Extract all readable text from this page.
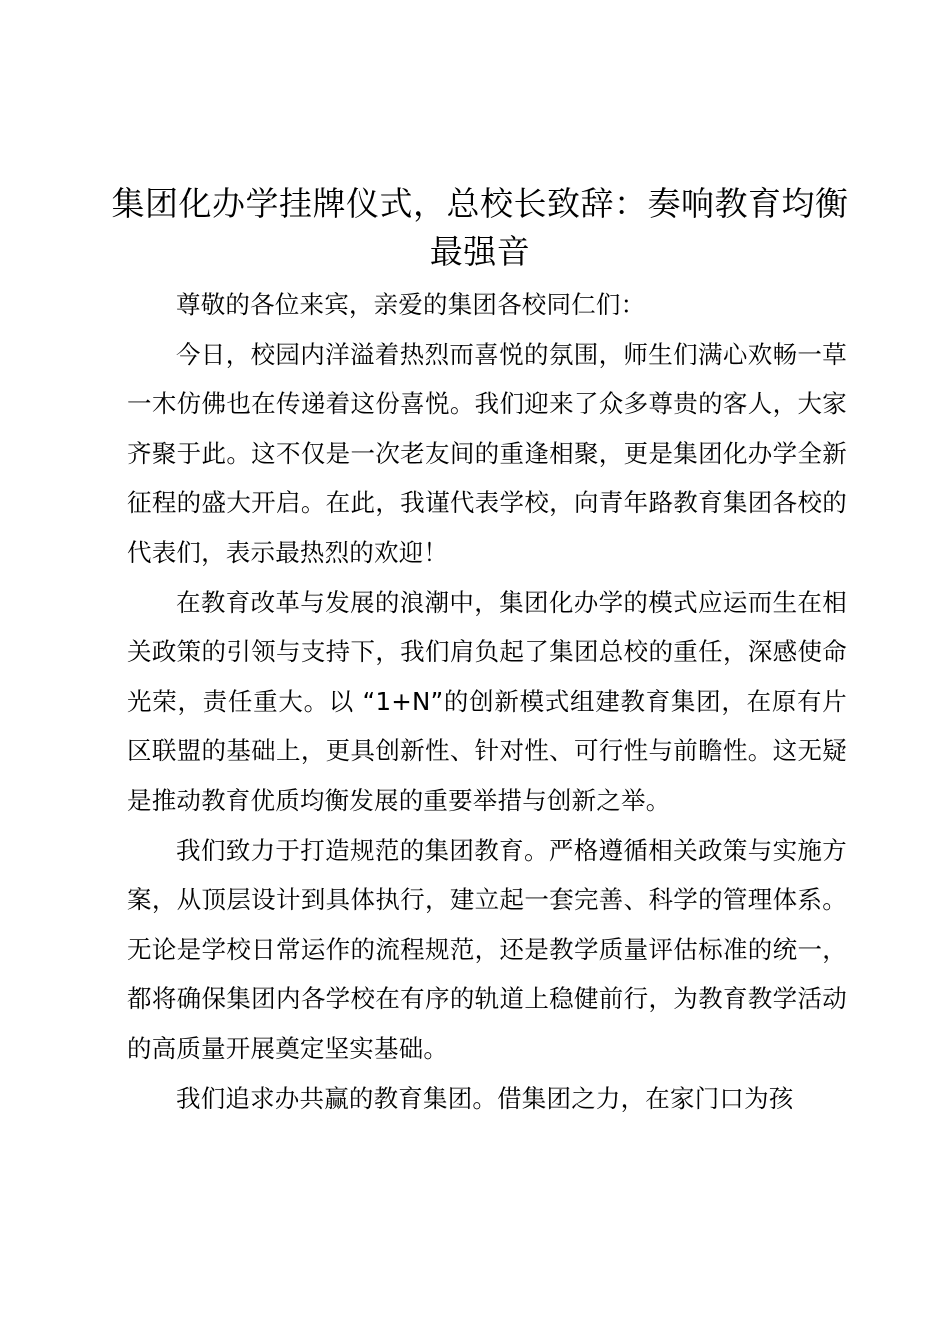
集团化办学挂牌仪式，总校长致辞：奏响教育均衡最强音

尊敬的各位来宾，亲爱的集团各校同仁们：

今日，校园内洋溢着热烈而喜悦的氛围，师生们满心欢畅一草一木仿佛也在传递着这份喜悦。我们迎来了众多尊贵的客人，大家齐聚于此。这不仅是一次老友间的重逢相聚，更是集团化办学全新征程的盛大开启。在此，我谨代表学校，向青年路教育集团各校的代表们，表示最热烈的欢迎！

在教育改革与发展的浪潮中，集团化办学的模式应运而生在相关政策的引领与支持下，我们肩负起了集团总校的重任，深感使命光荣，责任重大。以 “1+N”的创新模式组建教育集团，在原有片区联盟的基础上，更具创新性、针对性、可行性与前瞻性。这无疑是推动教育优质均衡发展的重要举措与创新之举。

我们致力于打造规范的集团教育。严格遵循相关政策与实施方案，从顶层设计到具体执行，建立起一套完善、科学的管理体系。无论是学校日常运作的流程规范，还是教学质量评估标准的统一，都将确保集团内各学校在有序的轨道上稳健前行，为教育教学活动的高质量开展奠定坚实基础。

我们追求办共赢的教育集团。借集团之力，在家门口为孩
